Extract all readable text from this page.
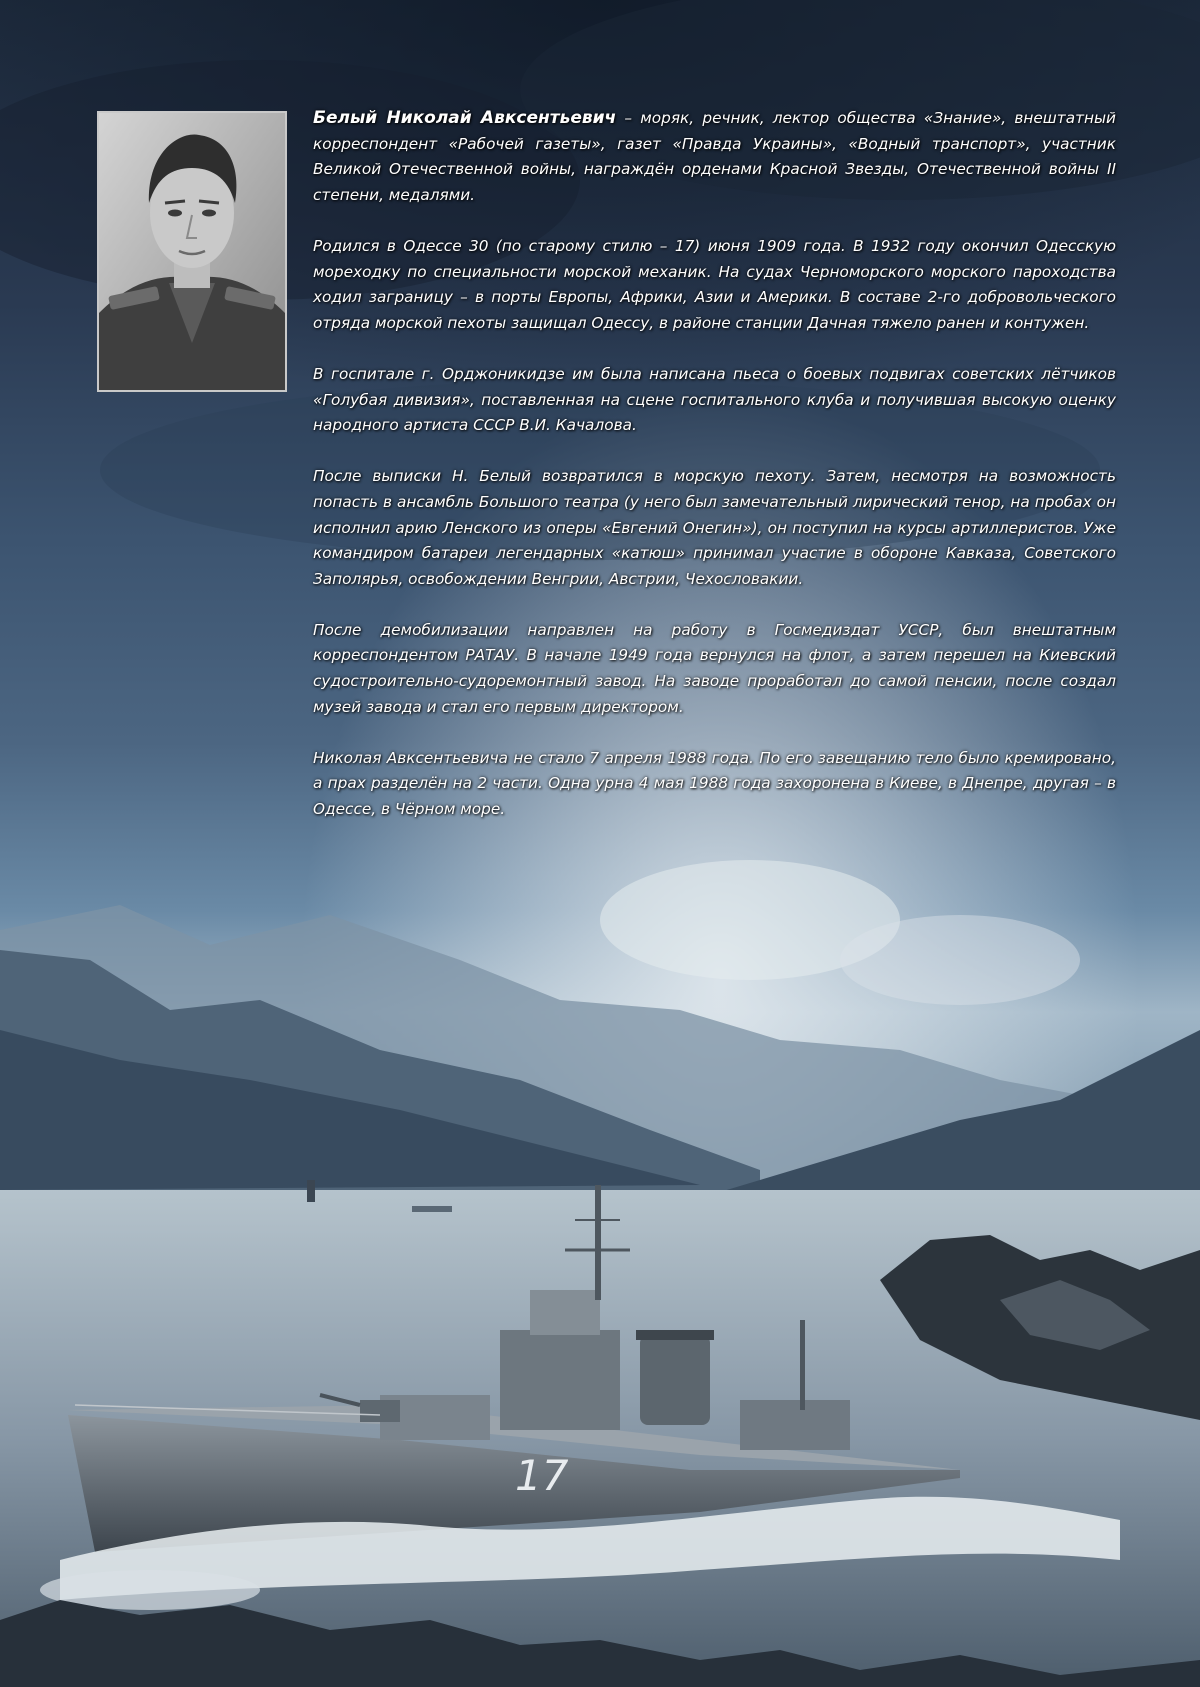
17

Белый Николай Авксентьевич – моряк, речник, лектор общества «Знание», внештатный корреспондент «Рабочей газеты», газет «Правда Украины», «Водный транспорт», участник Великой Отечественной войны, награждён орденами Красной Звезды, Отечественной войны II степени, медалями.

Родился в Одессе 30 (по старому стилю – 17) июня 1909 года. В 1932 году окончил Одесскую мореходку по специальности морской механик. На судах Черноморского морского пароходства ходил заграницу – в порты Европы, Африки, Азии и Америки. В составе 2-го добровольческого отряда морской пехоты защищал Одессу, в районе станции Дачная тяжело ранен и контужен.

В госпитале г. Орджоникидзе им была написана пьеса о боевых подвигах советских лётчиков «Голубая дивизия», поставленная на сцене госпитального клуба и получившая высокую оценку народного артиста СССР В.И. Качалова.

После выписки Н. Белый возвратился в морскую пехоту. Затем, несмотря на возможность попасть в ансамбль Большого театра (у него был замечательный лирический тенор, на пробах он исполнил арию Ленского из оперы «Евгений Онегин»), он поступил на курсы артиллеристов. Уже командиром батареи легендарных «катюш» принимал участие в обороне Кавказа, Советского Заполярья, освобождении Венгрии, Австрии, Чехословакии.

После демобилизации направлен на работу в Госмедиздат УССР, был внештатным корреспондентом РАТАУ. В начале 1949 года вернулся на флот, а затем перешел на Киевский судостроительно-судоремонтный завод. На заводе проработал до самой пенсии, после создал музей завода и стал его первым директором.

Николая Авксентьевича не стало 7 апреля 1988 года. По его завещанию тело было кремировано, а прах разделён на 2 части. Одна урна 4 мая 1988 года захоронена в Киеве, в Днепре, другая – в Одессе, в Чёрном море.
